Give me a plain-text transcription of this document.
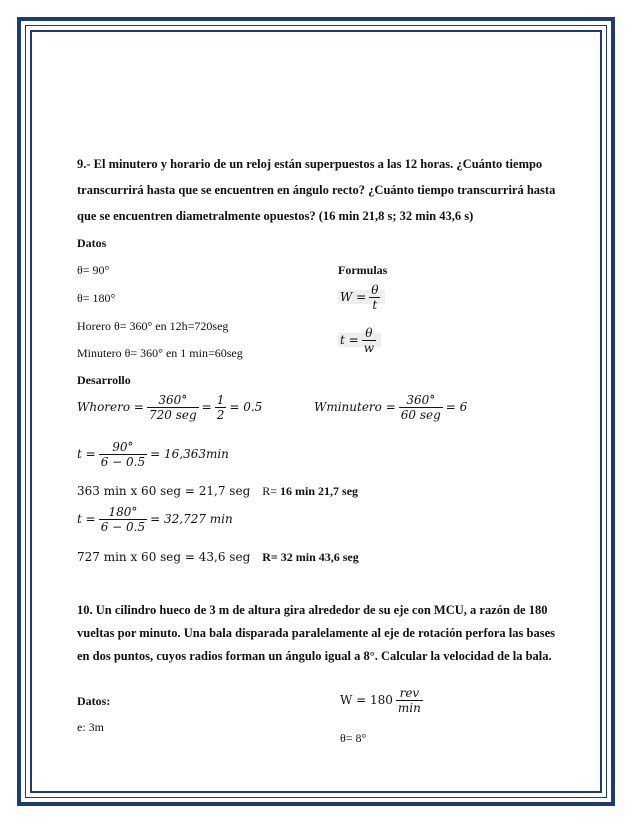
9.- El minutero y horario de un reloj están superpuestos a las 12 horas. ¿Cuánto tiempo
transcurrirá hasta que se encuentren en ángulo recto? ¿Cuánto tiempo transcurrirá hasta
que se encuentren diametralmente opuestos? (16 min 21,8 s; 32 min 43,6 s)
Datos
θ= 90°
θ= 180°
Horero θ= 360° en 12h=720seg
Minutero θ= 360° en 1 min=60seg
Formulas
$W = \frac{\theta}{t}$
$t = \frac{\theta}{w}$
Desarrollo
Whorero = $\frac{360^\circ}{\text{720 seg}} = \frac{1}{2} = 0.5$	Wminutero = $\frac{360^\circ}{\text{60 seg}} = 6$
$t = \frac{90^\circ}{6 - 0.5} = 16,363\min$
363 min x 60 seg = 21,7 seg R= 16 min 21,7 seg
$t = \frac{180^\circ}{6 - 0.5} = 32,727$ min
727 min x 60 seg = 43,6 seg R= 32 min 43,6 seg
10. Un cilindro hueco de 3 m de altura gira alrededor de su eje con MCU, a razón de 180
vueltas por minuto. Una bala disparada paralelamente al eje de rotación perfora las bases
en dos puntos, cuyos radios forman un ángulo igual a 8°. Calcular la velocidad de la bala.
Datos:
e: 3m
$W = 180 \frac{\text{rev}}{\min}$
θ= 8°
